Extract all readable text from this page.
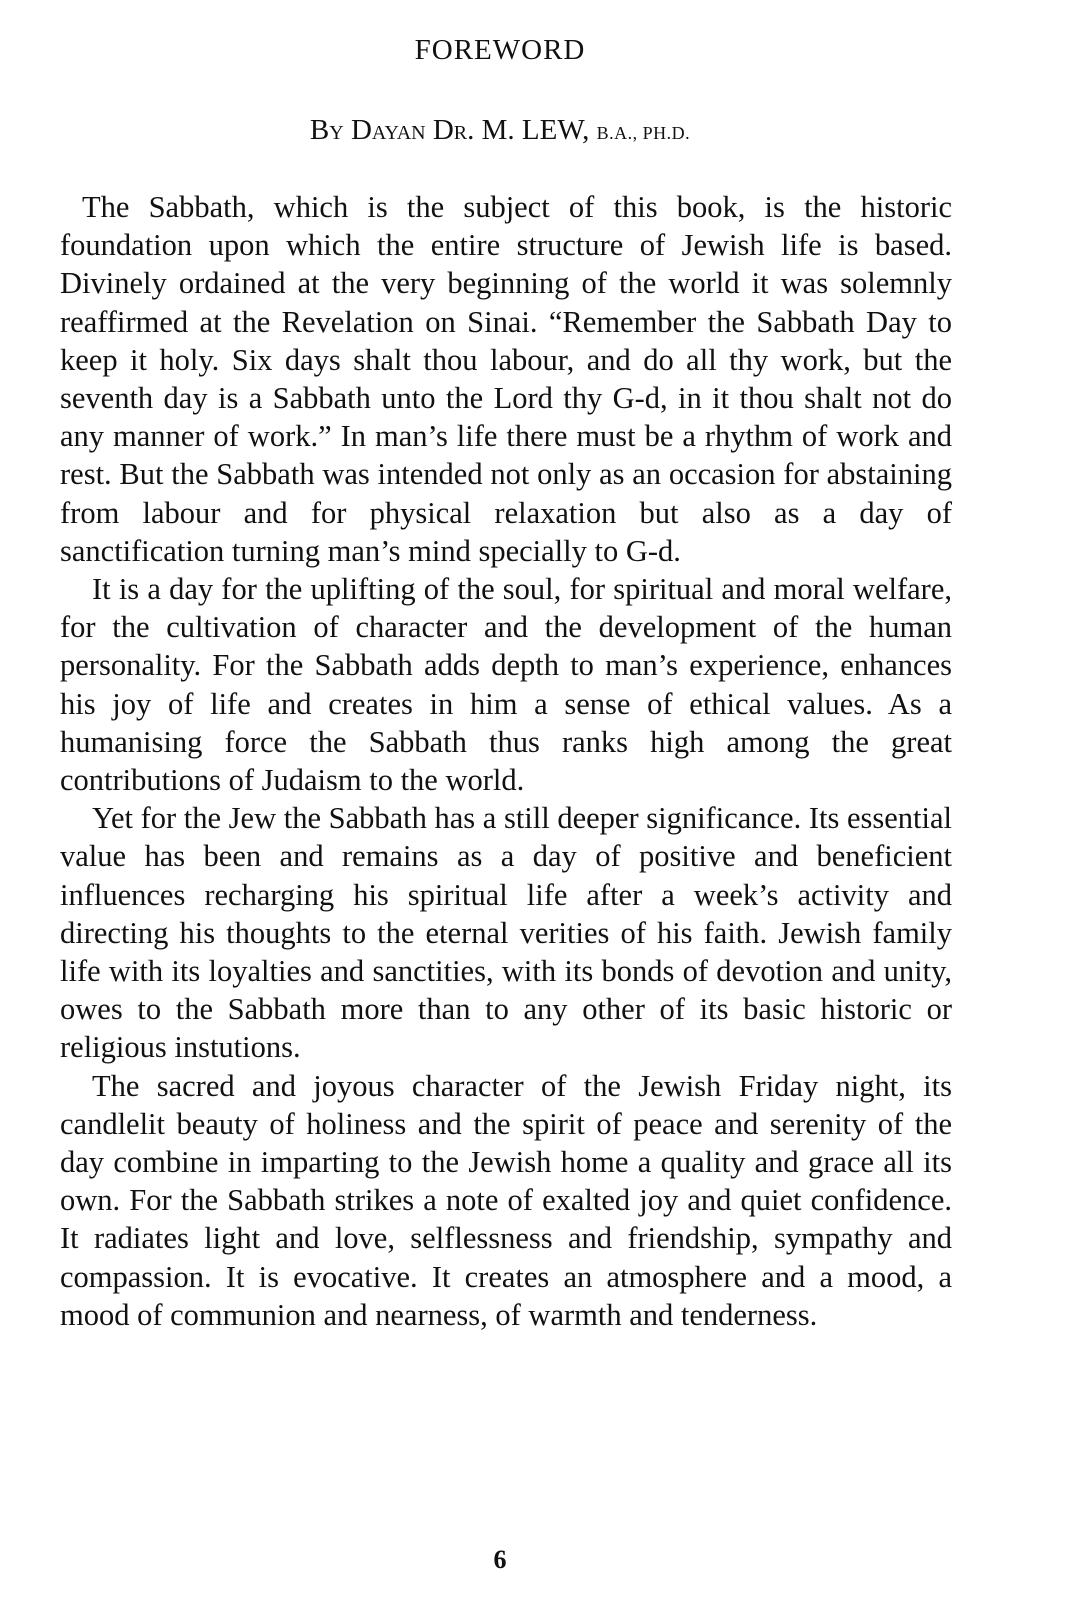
FOREWORD
By Dayan Dr. M. LEW, B.A., PH.D.

The Sabbath, which is the subject of this book, is the historic foundation upon which the entire structure of Jewish life is based. Divinely ordained at the very beginning of the world it was solemnly reaffirmed at the Revelation on Sinai. “Remember the Sabbath Day to keep it holy. Six days shalt thou labour, and do all thy work, but the seventh day is a Sabbath unto the Lord thy G-d, in it thou shalt not do any manner of work.” In man’s life there must be a rhythm of work and rest. But the Sabbath was intended not only as an occasion for abstaining from labour and for physical relaxation but also as a day of sanctification turning man’s mind specially to G-d.

It is a day for the uplifting of the soul, for spiritual and moral welfare, for the cultivation of character and the development of the human personality. For the Sabbath adds depth to man’s experience, enhances his joy of life and creates in him a sense of ethical values. As a humanising force the Sabbath thus ranks high among the great contributions of Judaism to the world.

Yet for the Jew the Sabbath has a still deeper significance. Its essential value has been and remains as a day of positive and beneficient influences recharging his spiritual life after a week’s activity and directing his thoughts to the eternal verities of his faith. Jewish family life with its loyalties and sanctities, with its bonds of devotion and unity, owes to the Sabbath more than to any other of its basic historic or religious instutions.

The sacred and joyous character of the Jewish Friday night, its candlelit beauty of holiness and the spirit of peace and serenity of the day combine in imparting to the Jewish home a quality and grace all its own. For the Sabbath strikes a note of exalted joy and quiet confidence. It radiates light and love, selflessness and friendship, sympathy and compassion. It is evocative. It creates an atmosphere and a mood, a mood of communion and nearness, of warmth and tenderness.

6
